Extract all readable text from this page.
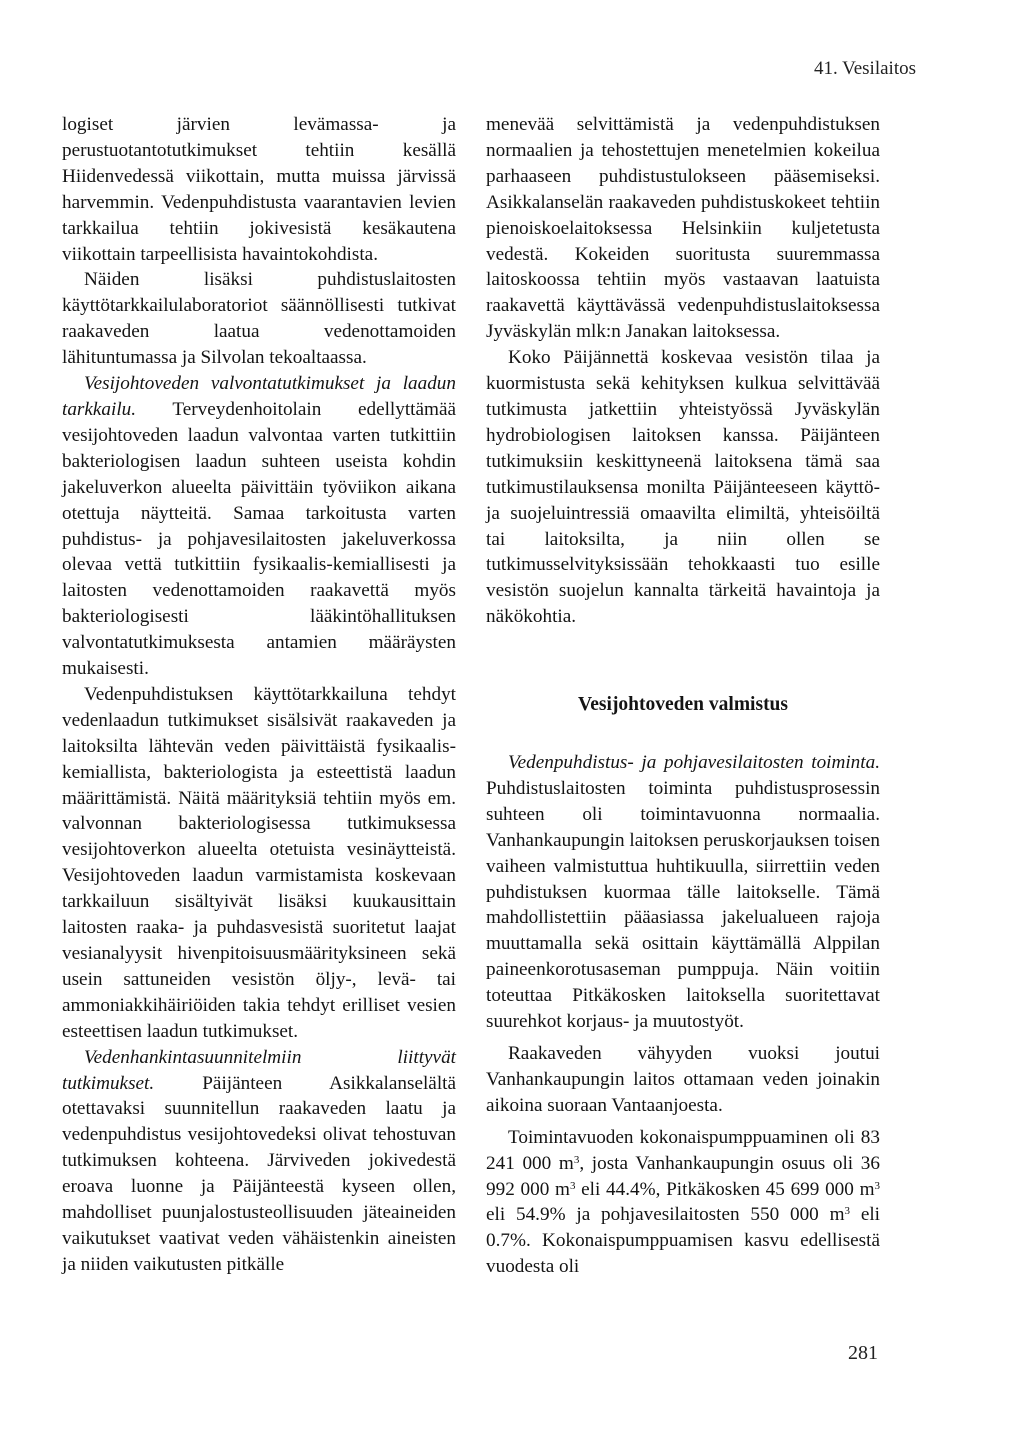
41. Vesilaitos

logiset järvien levämassa- ja perustuotantotutkimukset tehtiin kesällä Hiidenvedessä viikottain, mutta muissa järvissä harvemmin. Vedenpuhdistusta vaarantavien levien tarkkailua tehtiin jokivesistä kesäkautena viikottain tarpeellisista havaintokohdista.

Näiden lisäksi puhdistuslaitosten käyttötarkkailulaboratoriot säännöllisesti tutkivat raakaveden laatua vedenottamoiden lähituntumassa ja Silvolan tekoaltaassa.

Vesijohtoveden valvontatutkimukset ja laadun tarkkailu. Terveydenhoitolain edellyttämää vesijohtoveden laadun valvontaa varten tutkittiin bakteriologisen laadun suhteen useista kohdin jakeluverkon alueelta päivittäin työviikon aikana otettuja näytteitä. Samaa tarkoitusta varten puhdistus- ja pohjavesilaitosten jakeluverkossa olevaa vettä tutkittiin fysikaalis-kemiallisesti ja laitosten vedenottamoiden raakavettä myös bakteriologisesti lääkintöhallituksen valvontatutkimuksesta antamien määräysten mukaisesti.

Vedenpuhdistuksen käyttötarkkailuna tehdyt vedenlaadun tutkimukset sisälsivät raakaveden ja laitoksilta lähtevän veden päivittäistä fysikaalis-kemiallista, bakteriologista ja esteettistä laadun määrittämistä. Näitä määrityksiä tehtiin myös em. valvonnan bakteriologisessa tutkimuksessa vesijohtoverkon alueelta otetuista vesinäytteistä. Vesijohtoveden laadun varmistamista koskevaan tarkkailuun sisältyivät lisäksi kuukausittain laitosten raaka- ja puhdasvesistä suoritetut laajat vesianalyysit hivenpitoisuusmäärityksineen sekä usein sattuneiden vesistön öljy-, levä- tai ammoniakkihäiriöiden takia tehdyt erilliset vesien esteettisen laadun tutkimukset.

Vedenhankintasuunnitelmiin liittyvät tutkimukset. Päijänteen Asikkalanselältä otettavaksi suunnitellun raakaveden laatu ja vedenpuhdistus vesijohtovedeksi olivat tehostuvan tutkimuksen kohteena. Järviveden jokivedestä eroava luonne ja Päijänteestä kyseen ollen, mahdolliset puunjalostusteollisuuden jäteaineiden vaikutukset vaativat veden vähäistenkin aineisten ja niiden vaikutusten pitkälle

menevää selvittämistä ja vedenpuhdistuksen normaalien ja tehostettujen menetelmien kokeilua parhaaseen puhdistustulokseen pääsemiseksi. Asikkalanselän raakaveden puhdistuskokeet tehtiin pienoiskoelaitoksessa Helsinkiin kuljetetusta vedestä. Kokeiden suoritusta suuremmassa laitoskoossa tehtiin myös vastaavan laatuista raakavettä käyttävässä vedenpuhdistuslaitoksessa Jyväskylän mlk:n Janakan laitoksessa.

Koko Päijännettä koskevaa vesistön tilaa ja kuormistusta sekä kehityksen kulkua selvittävää tutkimusta jatkettiin yhteistyössä Jyväskylän hydrobiologisen laitoksen kanssa. Päijänteen tutkimuksiin keskittyneenä laitoksena tämä saa tutkimustilauksensa monilta Päijänteeseen käyttö- ja suojeluintressiä omaavilta elimiltä, yhteisöiltä tai laitoksilta, ja niin ollen se tutkimusselvityksissään tehokkaasti tuo esille vesistön suojelun kannalta tärkeitä havaintoja ja näkökohtia.

Vesijohtoveden valmistus

Vedenpuhdistus- ja pohjavesilaitosten toiminta. Puhdistuslaitosten toiminta puhdistusprosessin suhteen oli toimintavuonna normaalia. Vanhankaupungin laitoksen peruskorjauksen toisen vaiheen valmistuttua huhtikuulla, siirrettiin veden puhdistuksen kuormaa tälle laitokselle. Tämä mahdollistettiin pääasiassa jakelualueen rajoja muuttamalla sekä osittain käyttämällä Alppilan paineenkorotusaseman pumppuja. Näin voitiin toteuttaa Pitkäkosken laitoksella suoritettavat suurehkot korjaus- ja muutostyöt.

Raakaveden vähyyden vuoksi joutui Vanhankaupungin laitos ottamaan veden joinakin aikoina suoraan Vantaanjoesta.

Toimintavuoden kokonaispumppuaminen oli 83 241 000 $m^3$, josta Vanhankaupungin osuus oli 36 992 000 $m^3$ eli 44.4%, Pitkäkosken 45 699 000 $m^3$ eli 54.9% ja pohjavesilaitosten 550 000 $m^3$ eli 0.7%. Kokonaispumppuamisen kasvu edellisestä vuodesta oli

281
